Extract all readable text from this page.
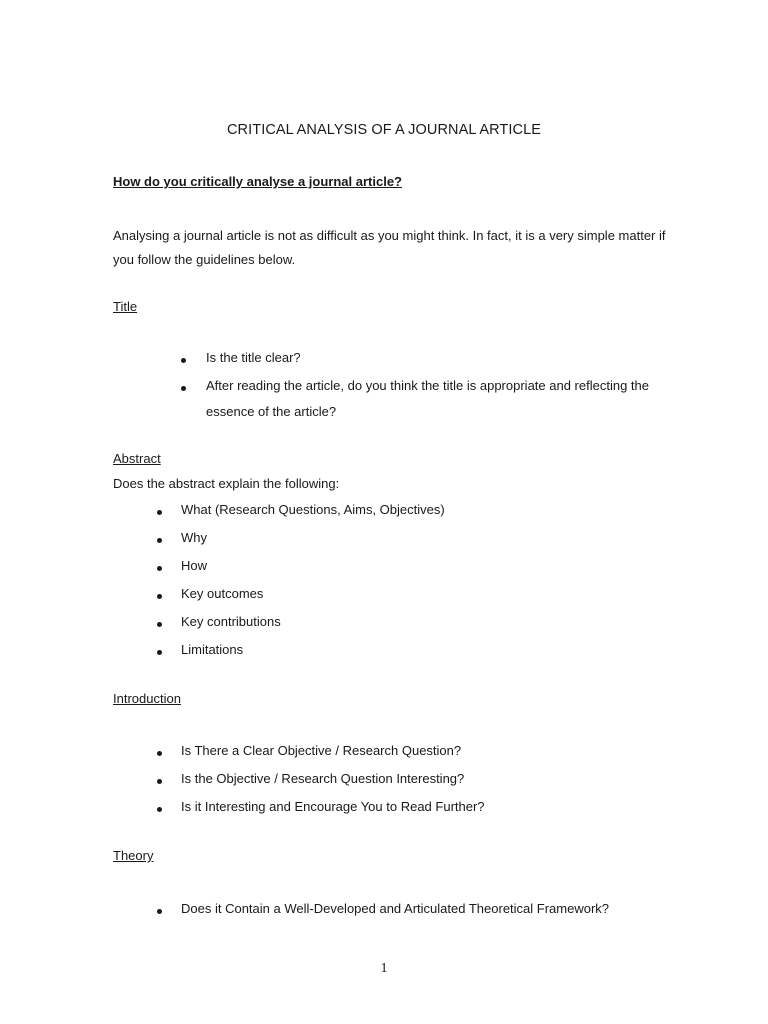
CRITICAL ANALYSIS OF A JOURNAL ARTICLE
How do you critically analyse a journal article?
Analysing a journal article is not as difficult as you might think. In fact, it is a very simple matter if you follow the guidelines below.
Title
Is the title clear?
After reading the article, do you think the title is appropriate and reflecting the essence of the article?
Abstract
Does the abstract explain the following:
What (Research Questions, Aims, Objectives)
Why
How
Key outcomes
Key contributions
Limitations
Introduction
Is There a Clear Objective / Research Question?
Is the Objective / Research Question Interesting?
Is it Interesting and Encourage You to Read Further?
Theory
Does it Contain a Well-Developed and Articulated Theoretical Framework?
1
